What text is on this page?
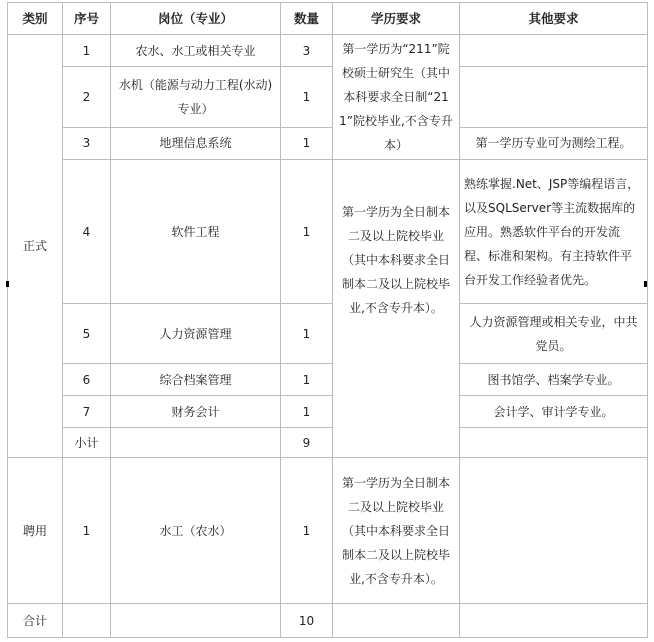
类别	序号	岗位（专业）	数量	学历要求	其他要求
正式	1	农水、水工或相关专业	3	第一学历为“211”院校硕士研究生（其中本科要求全日制“211”院校毕业,不含专升本）	
	2	水机（能源与动力工程(水动)专业）	1		
	3	地理信息系统	1		第一学历专业可为测绘工程。
	4	软件工程	1	第一学历为全日制本二及以上院校毕业（其中本科要求全日制本二及以上院校毕业,不含专升本）。	熟练掌握.Net、JSP等编程语言，以及SQLServer等主流数据库的应用。熟悉软件平台的开发流程、标准和架构。有主持软件平台开发工作经验者优先。
	5	人力资源管理	1		人力资源管理或相关专业，中共党员。
	6	综合档案管理	1		图书馆学、档案学专业。
	7	财务会计	1		会计学、审计学专业。
	小计		9		
聘用	1	水工（农水）	1	第一学历为全日制本二及以上院校毕业（其中本科要求全日制本二及以上院校毕业,不含专升本）。	
合计			10		
